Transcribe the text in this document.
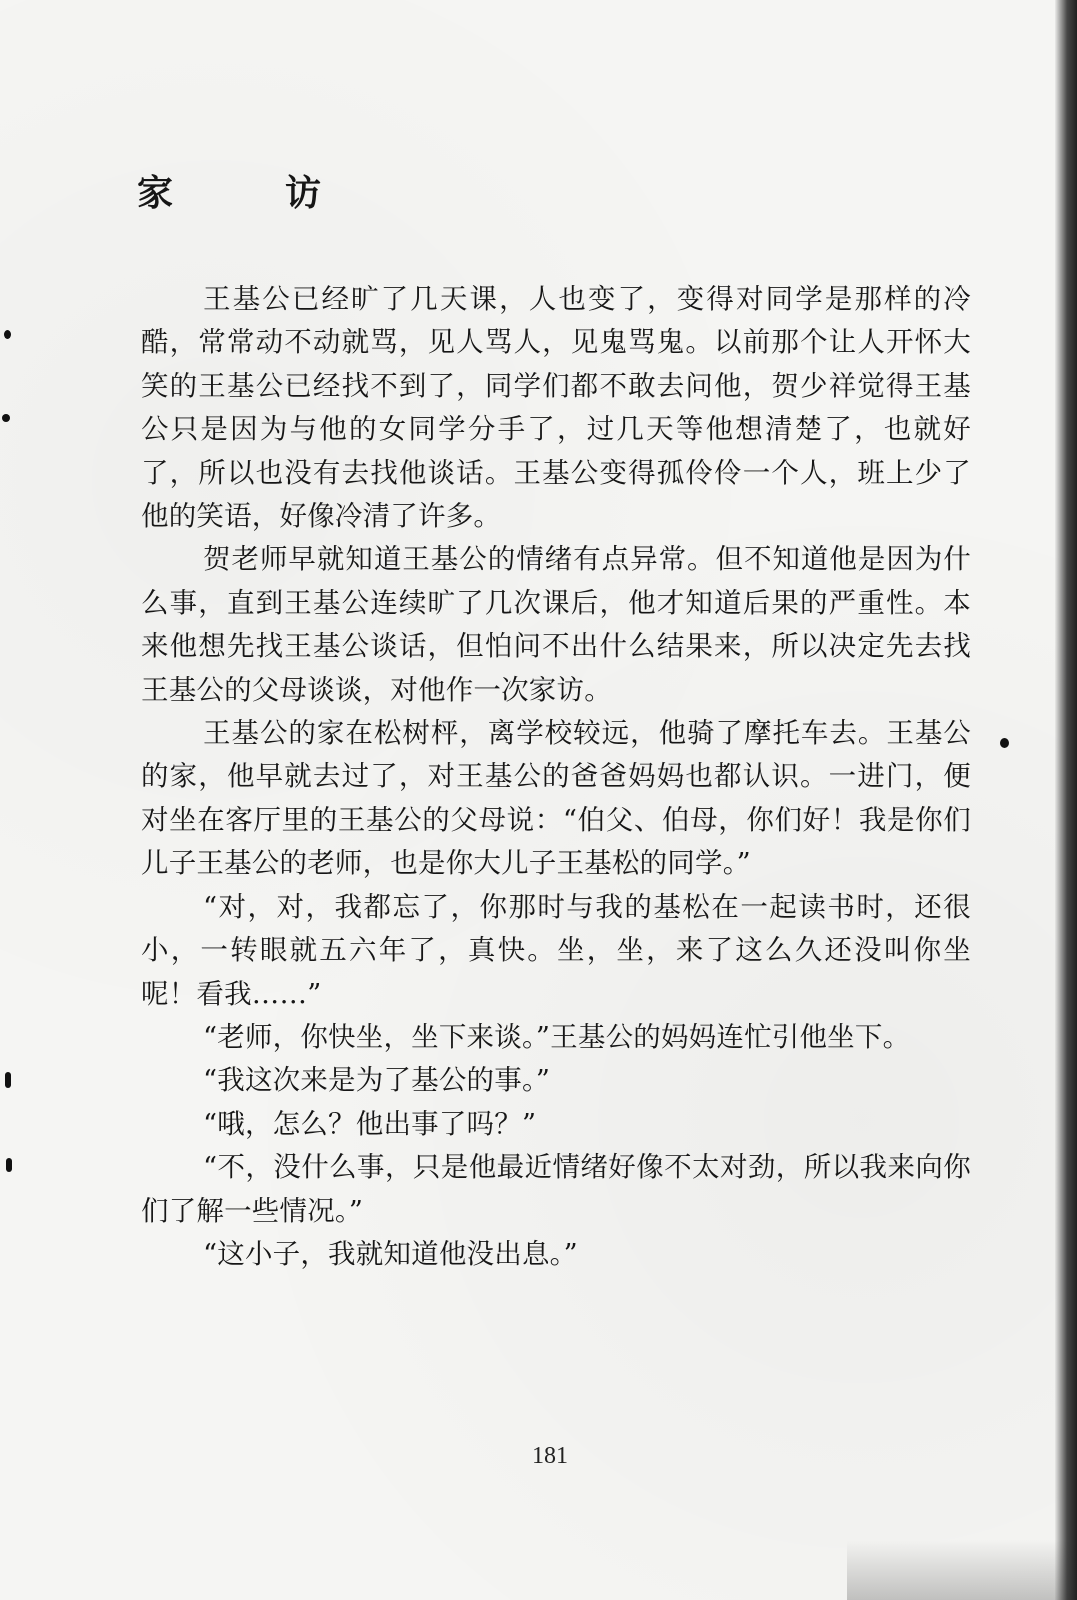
家　访

王基公已经旷了几天课，人也变了，变得对同学是那样的冷酷，常常动不动就骂，见人骂人，见鬼骂鬼。以前那个让人开怀大笑的王基公已经找不到了，同学们都不敢去问他，贺少祥觉得王基公只是因为与他的女同学分手了，过几天等他想清楚了，也就好了，所以也没有去找他谈话。王基公变得孤伶伶一个人，班上少了他的笑语，好像冷清了许多。

贺老师早就知道王基公的情绪有点异常。但不知道他是因为什么事，直到王基公连续旷了几次课后，他才知道后果的严重性。本来他想先找王基公谈话，但怕问不出什么结果来，所以决定先去找王基公的父母谈谈，对他作一次家访。

王基公的家在松树枰，离学校较远，他骑了摩托车去。王基公的家，他早就去过了，对王基公的爸爸妈妈也都认识。一进门，便对坐在客厅里的王基公的父母说：“伯父、伯母，你们好！我是你们儿子王基公的老师，也是你大儿子王基松的同学。”

“对，对，我都忘了，你那时与我的基松在一起读书时，还很小，一转眼就五六年了，真快。坐，坐，来了这么久还没叫你坐呢！看我……”

“老师，你快坐，坐下来谈。”王基公的妈妈连忙引他坐下。

“我这次来是为了基公的事。”

“哦，怎么？他出事了吗？”

“不，没什么事，只是他最近情绪好像不太对劲，所以我来向你们了解一些情况。”

“这小子，我就知道他没出息。”

181
